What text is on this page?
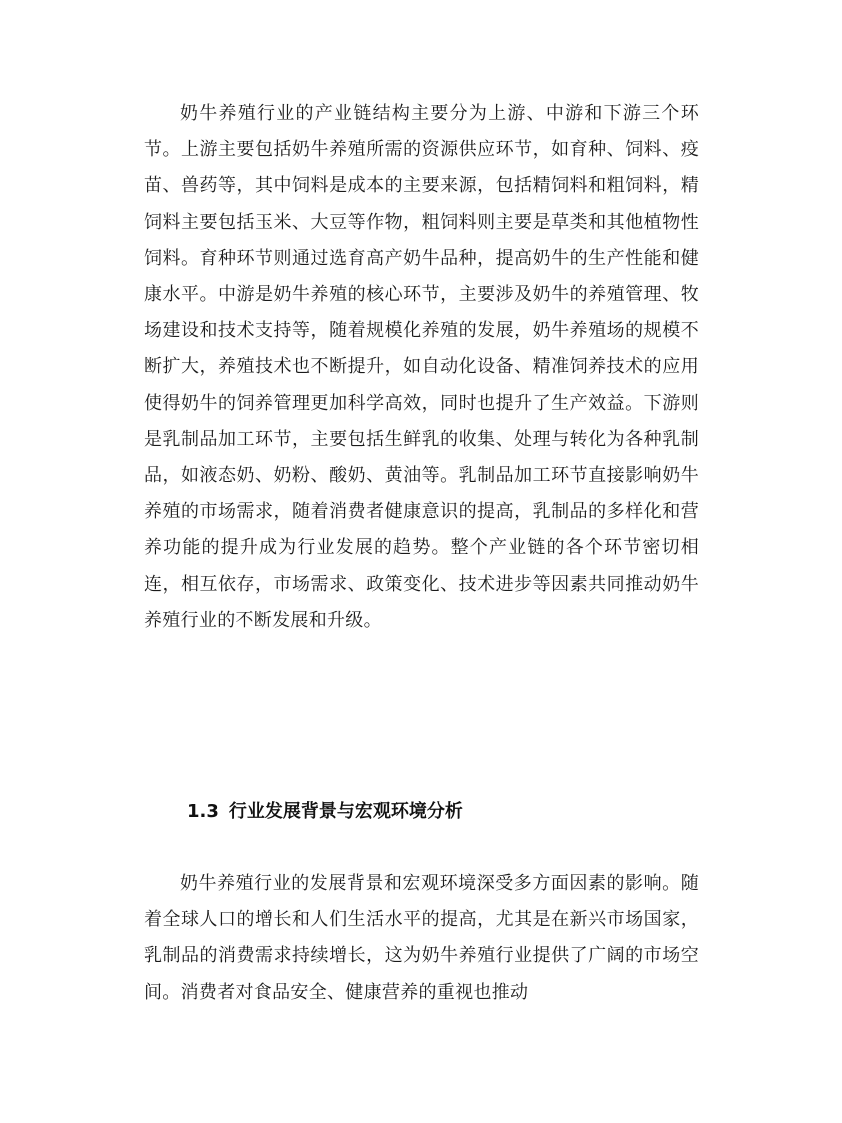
奶牛养殖行业的产业链结构主要分为上游、中游和下游三个环节。上游主要包括奶牛养殖所需的资源供应环节，如育种、饲料、疫苗、兽药等，其中饲料是成本的主要来源，包括精饲料和粗饲料，精饲料主要包括玉米、大豆等作物，粗饲料则主要是草类和其他植物性饲料。育种环节则通过选育高产奶牛品种，提高奶牛的生产性能和健康水平。中游是奶牛养殖的核心环节，主要涉及奶牛的养殖管理、牧场建设和技术支持等，随着规模化养殖的发展，奶牛养殖场的规模不断扩大，养殖技术也不断提升，如自动化设备、精准饲养技术的应用使得奶牛的饲养管理更加科学高效，同时也提升了生产效益。下游则是乳制品加工环节，主要包括生鲜乳的收集、处理与转化为各种乳制品，如液态奶、奶粉、酸奶、黄油等。乳制品加工环节直接影响奶牛养殖的市场需求，随着消费者健康意识的提高，乳制品的多样化和营养功能的提升成为行业发展的趋势。整个产业链的各个环节密切相连，相互依存，市场需求、政策变化、技术进步等因素共同推动奶牛养殖行业的不断发展和升级。

1.3 行业发展背景与宏观环境分析

奶牛养殖行业的发展背景和宏观环境深受多方面因素的影响。随着全球人口的增长和人们生活水平的提高，尤其是在新兴市场国家，乳制品的消费需求持续增长，这为奶牛养殖行业提供了广阔的市场空间。消费者对食品安全、健康营养的重视也推动
